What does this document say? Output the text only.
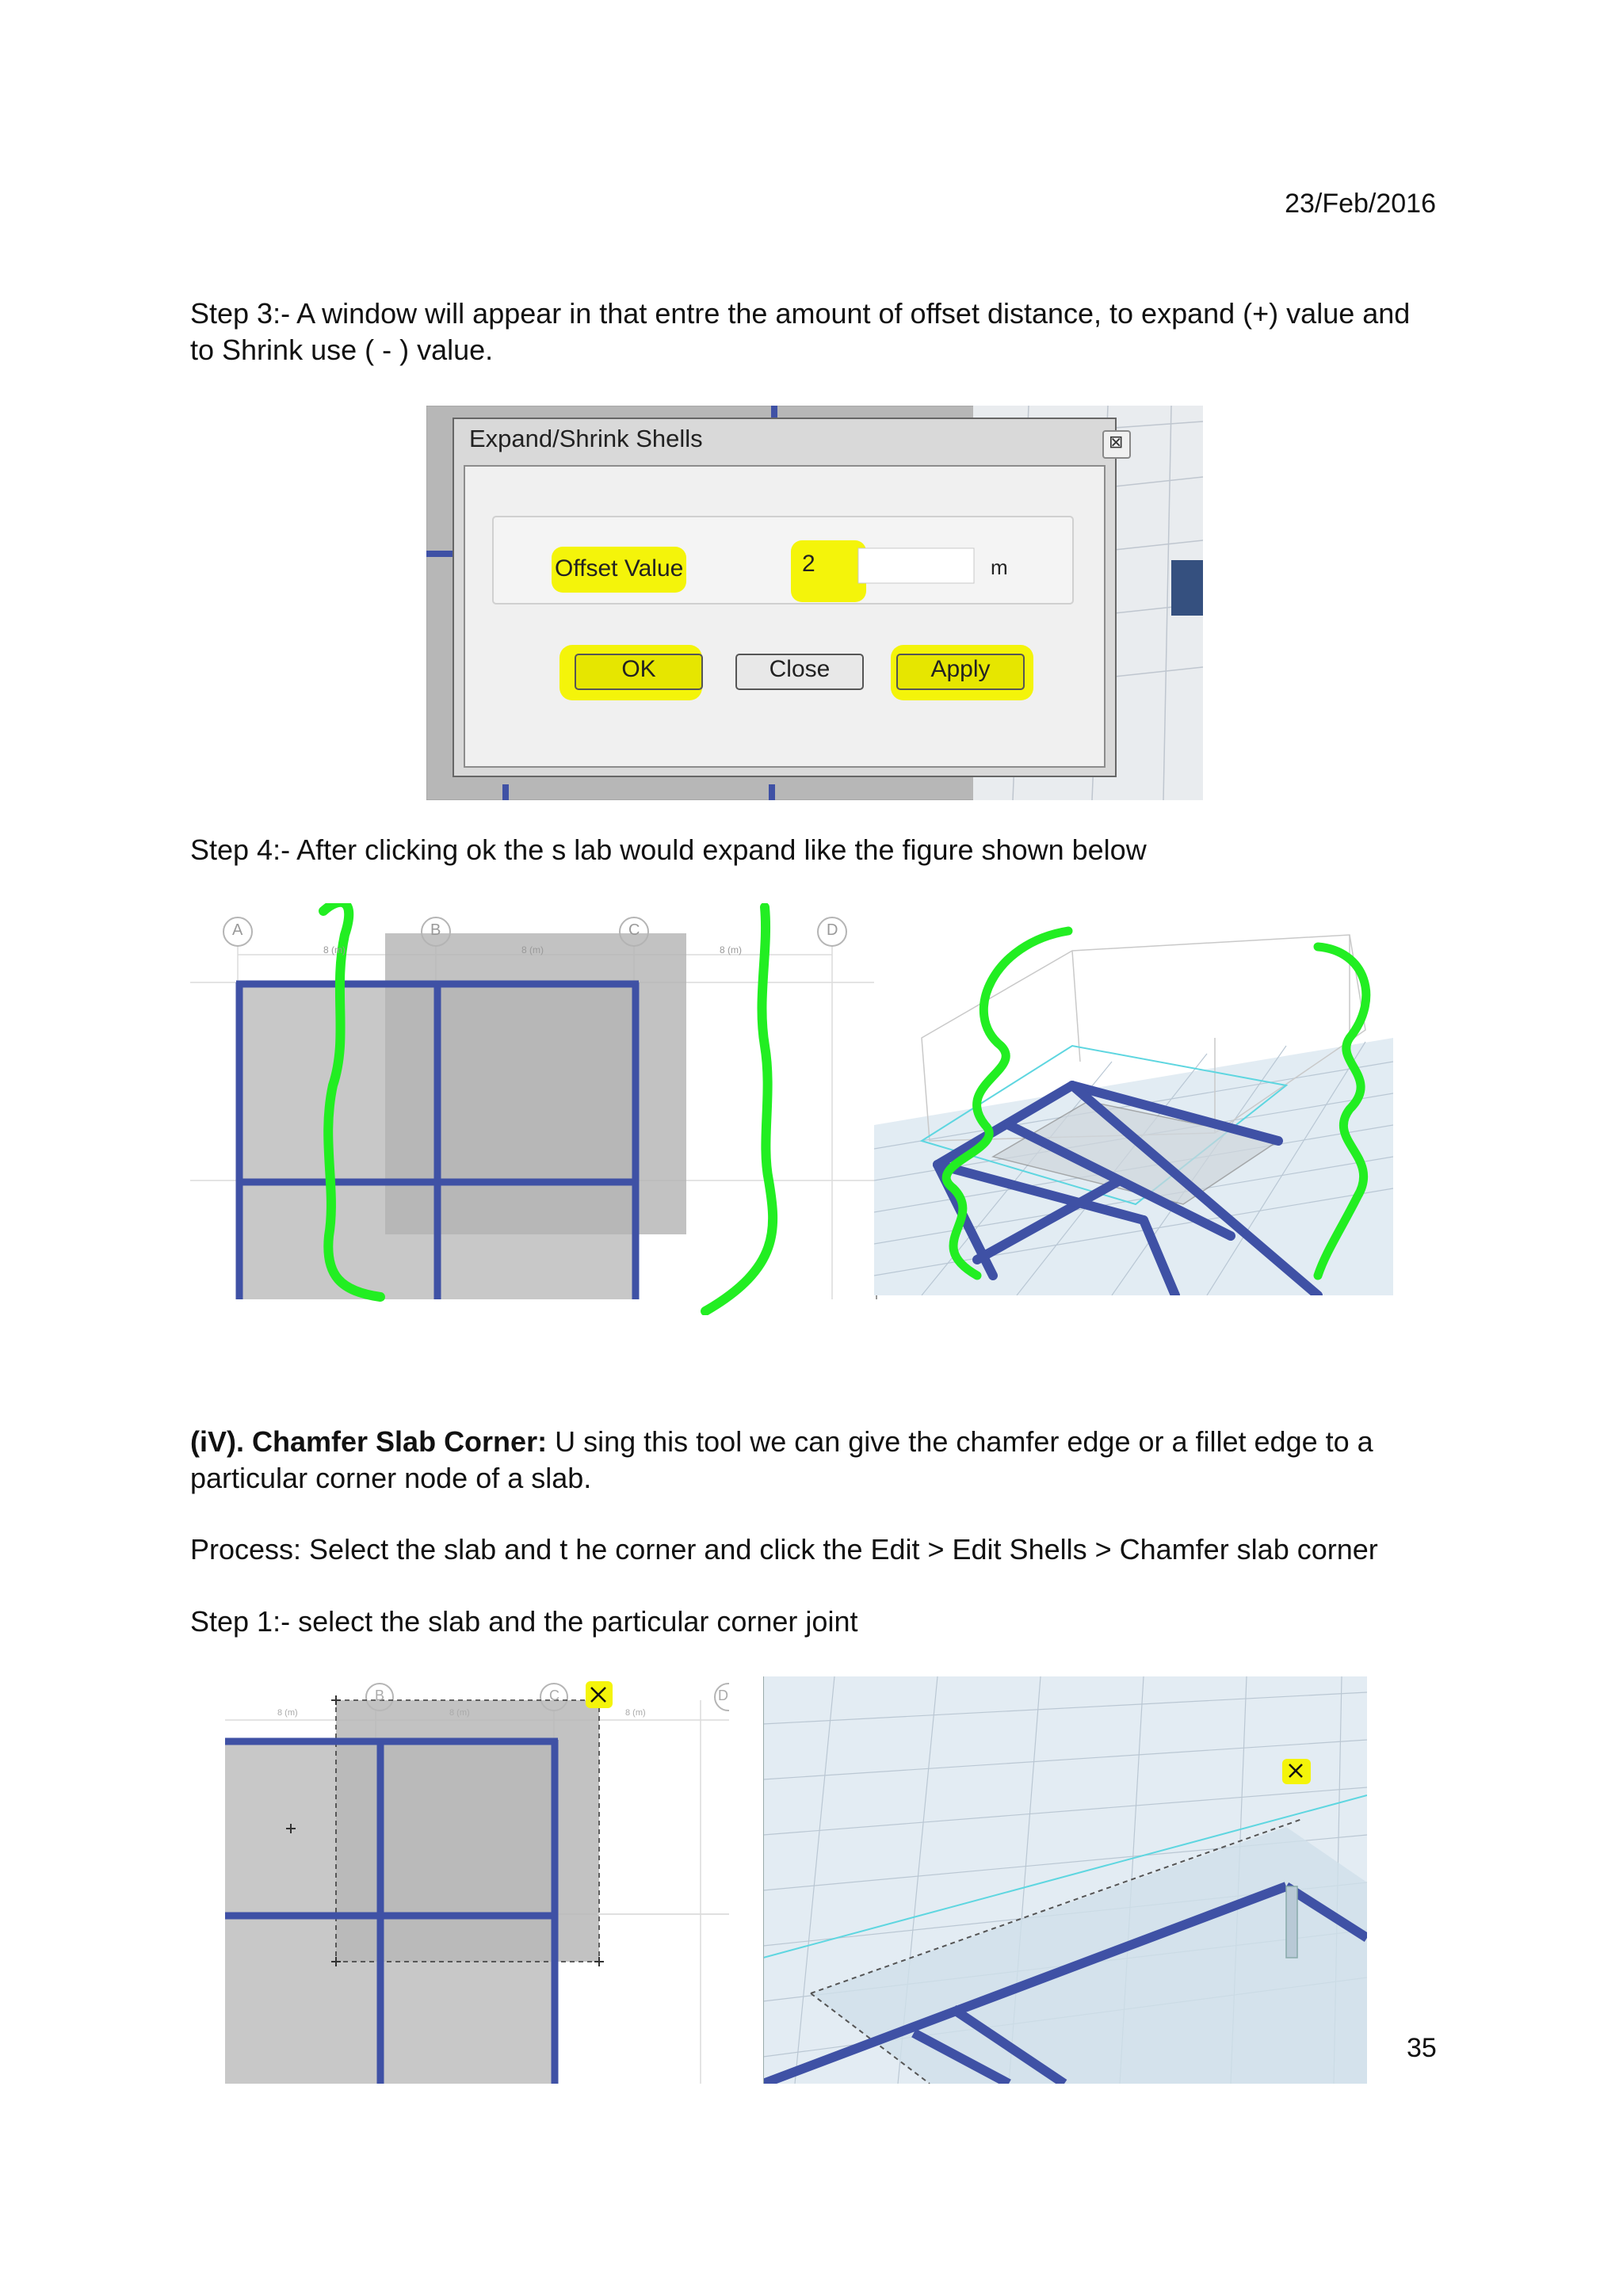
23/Feb/2016
Step 3:- A window will appear in that entre the amount of offset distance, to expand (+) value and to Shrink use ( - ) value.
Expand/Shrink Shells	⊠
Offset Value	2	m
OK	Close	Apply
Step 4:- After clicking ok the s lab would expand like the figure shown below
A	B	C	D
8 (m)	8 (m)	8 (m)
(iV). Chamfer Slab Corner: U sing this tool we can give the chamfer edge or a fillet edge to a particular corner node of a slab.
Process: Select the slab and t he corner and click the Edit > Edit Shells > Chamfer slab corner
Step 1:- select the slab and the particular corner joint
B	C	D
8 (m)	8 (m)	8 (m)
35
